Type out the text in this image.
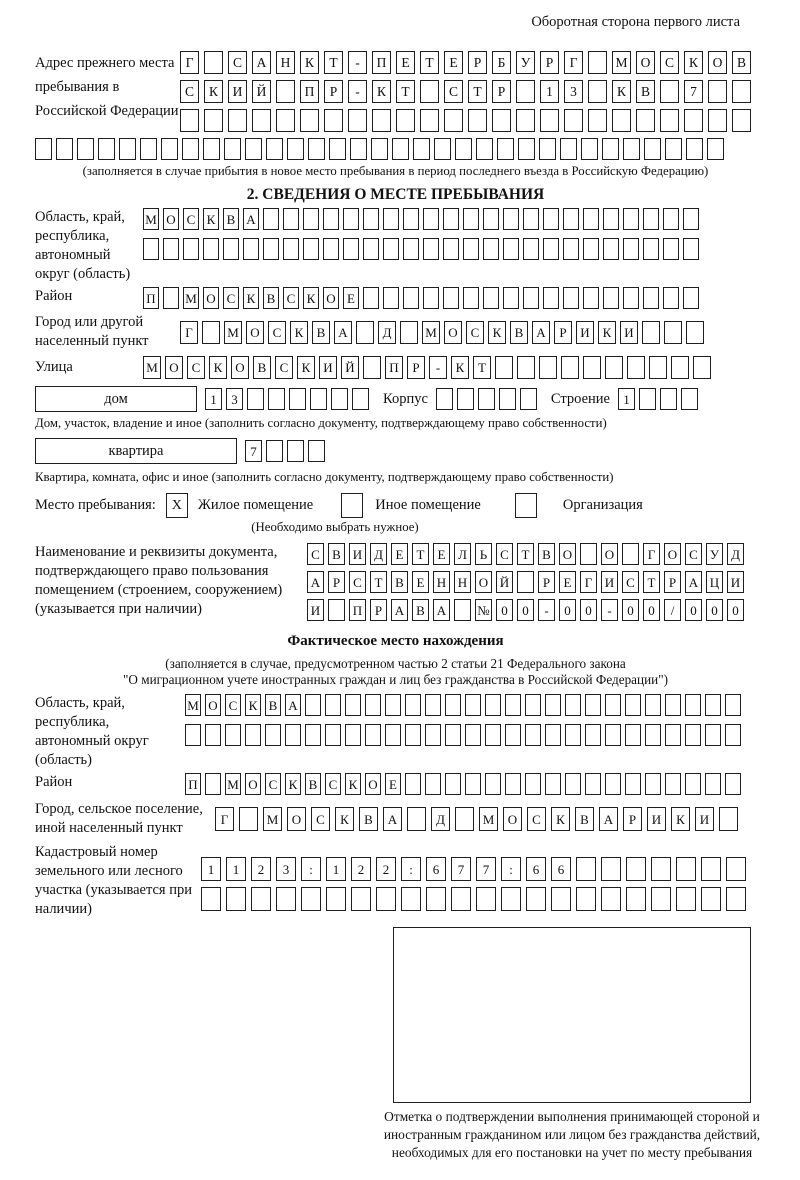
Оборотная сторона первого листа
Адрес прежнего места пребывания в Российской Федерации
Г	С	А	Н	К	Т	-	П	Е	Т	Е	Р	Б	У	Р	Г	М О	С	К	О	В
С	К	И	Й	П	Р	-	К	Т	С	Т	Р	1	3	К	В	7
(заполняется в случае прибытия в новое место пребывания в период последнего въезда в Российскую Федерацию)
2. СВЕДЕНИЯ О МЕСТЕ ПРЕБЫВАНИЯ
Область, край, республика, автономный округ (область)
М О С К В А
Район	П М О С К В С К О Е
Город или другой населенный пункт
Г	М О С	К	В А	Д	М О С	К	В А	Р	И К И
Улица	М О С	К О В	С	К И Й	П	Р	-	К	Т
дом	1	3	Корпус	Строение	1
Дом, участок, владение и иное (заполнить согласно документу, подтверждающему право собственности)
квартира	7
Квартира, комната, офис и иное (заполнить согласно документу, подтверждающему право собственности)
Место пребывания:	X	Жилое помещение	Иное помещение	Организация
(Необходимо выбрать нужное)
Наименование и реквизиты документа, подтверждающего право пользования помещением (строением, сооружением) (указывается при наличии)
С В И Д Е	Т	Е Л Ь С Т В О	О	Г О С У Д
А Р	С Т В Е Н Н О Й	Р	Е	Г И С Т	Р А Ц И
И	П Р А В А № 0	0	-	0	0	-	0	0	/	0	0	0
Фактическое место нахождения
(заполняется в случае, предусмотренном частью 2 статьи 21 Федерального закона
"О миграционном учете иностранных граждан и лиц без гражданства в Российской Федерации")
Область, край, республика, автономный округ (область)
М О С К В А
Район	П М О С К В С К О Е
Город, сельское поселение, иной населенный пункт
Г	М	О	С	К	В	А	Д	М	О	С	К	В	А	Р	И	К	И
Кадастровый номер земельного или лесного участка (указывается при наличии)
1	1	2	3	:	1	2	2	:	6	7	7	:	6	6
Отметка о подтверждении выполнения принимающей стороной и иностранным гражданином или лицом без гражданства действий, необходимых для его постановки на учет по месту пребывания
